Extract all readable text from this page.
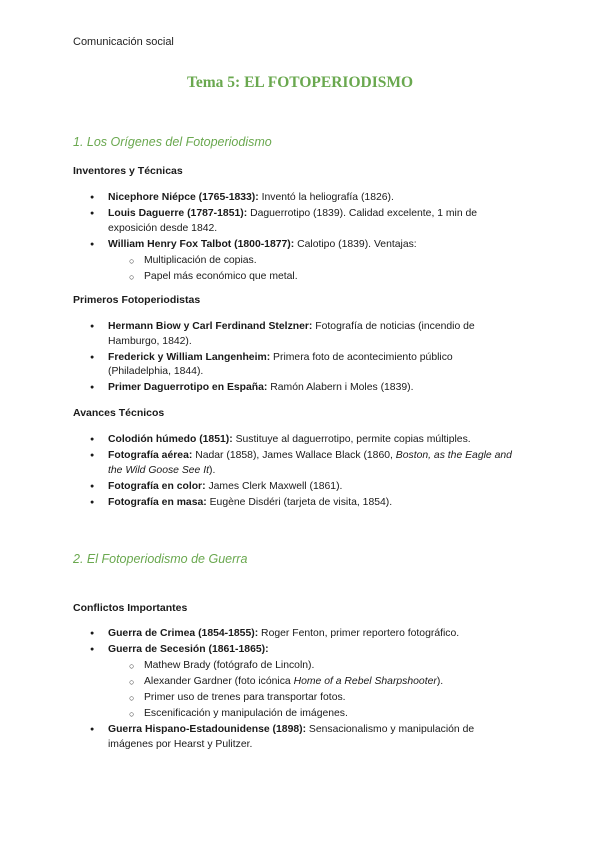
Comunicación social
Tema 5: EL FOTOPERIODISMO
1. Los Orígenes del Fotoperiodismo
Inventores y Técnicas
● Nicephore Niépce (1765-1833): Inventó la heliografía (1826).
● Louis Daguerre (1787-1851): Daguerrotipo (1839). Calidad excelente, 1 min de exposición desde 1842.
● William Henry Fox Talbot (1800-1877): Calotipo (1839). Ventajas:
○ Multiplicación de copias.
○ Papel más económico que metal.
Primeros Fotoperiodistas
● Hermann Biow y Carl Ferdinand Stelzner: Fotografía de noticias (incendio de Hamburgo, 1842).
● Frederick y William Langenheim: Primera foto de acontecimiento público (Philadelphia, 1844).
● Primer Daguerrotipo en España: Ramón Alabern i Moles (1839).
Avances Técnicos
● Colodión húmedo (1851): Sustituye al daguerrotipo, permite copias múltiples.
● Fotografía aérea: Nadar (1858), James Wallace Black (1860, Boston, as the Eagle and the Wild Goose See It).
● Fotografía en color: James Clerk Maxwell (1861).
● Fotografía en masa: Eugène Disdéri (tarjeta de visita, 1854).
2. El Fotoperiodismo de Guerra
Conflictos Importantes
● Guerra de Crimea (1854-1855): Roger Fenton, primer reportero fotográfico.
● Guerra de Secesión (1861-1865):
○ Mathew Brady (fotógrafo de Lincoln).
○ Alexander Gardner (foto icónica Home of a Rebel Sharpshooter).
○ Primer uso de trenes para transportar fotos.
○ Escenificación y manipulación de imágenes.
● Guerra Hispano-Estadounidense (1898): Sensacionalismo y manipulación de imágenes por Hearst y Pulitzer.
